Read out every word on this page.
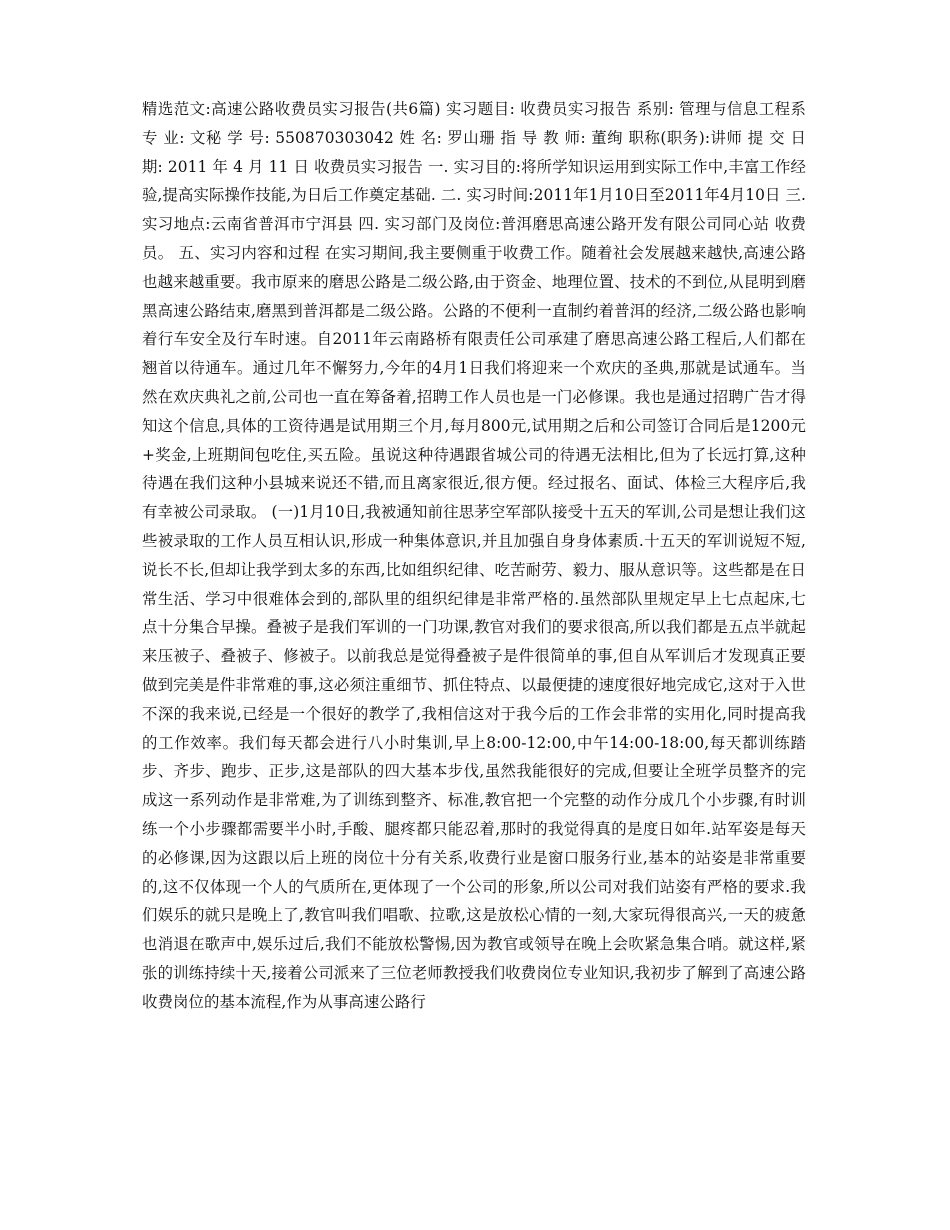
精选范文:高速公路收费员实习报告(共6篇) 实习题目: 收费员实习报告 系别: 管理与信息工程系 专 业: 文秘 学 号: 550870303042 姓 名: 罗山珊 指 导 教 师: 董绚 职称(职务):讲师 提 交 日 期: 2011 年 4 月 11 日 收费员实习报告 一. 实习目的:将所学知识运用到实际工作中,丰富工作经验,提高实际操作技能,为日后工作奠定基础. 二. 实习时间:2011年1月10日至2011年4月10日 三. 实习地点:云南省普洱市宁洱县 四. 实习部门及岗位:普洱磨思高速公路开发有限公司同心站 收费员。 五、实习内容和过程 在实习期间,我主要侧重于收费工作。随着社会发展越来越快,高速公路也越来越重要。我市原来的磨思公路是二级公路,由于资金、地理位置、技术的不到位,从昆明到磨黑高速公路结束,磨黑到普洱都是二级公路。公路的不便利一直制约着普洱的经济,二级公路也影响着行车安全及行车时速。自2011年云南路桥有限责任公司承建了磨思高速公路工程后,人们都在翘首以待通车。通过几年不懈努力,今年的4月1日我们将迎来一个欢庆的圣典,那就是试通车。当然在欢庆典礼之前,公司也一直在筹备着,招聘工作人员也是一门必修课。我也是通过招聘广告才得知这个信息,具体的工资待遇是试用期三个月,每月800元,试用期之后和公司签订合同后是1200元+奖金,上班期间包吃住,买五险。虽说这种待遇跟省城公司的待遇无法相比,但为了长远打算,这种待遇在我们这种小县城来说还不错,而且离家很近,很方便。经过报名、面试、体检三大程序后,我有幸被公司录取。 (一)1月10日,我被通知前往思茅空军部队接受十五天的军训,公司是想让我们这些被录取的工作人员互相认识,形成一种集体意识,并且加强自身身体素质.十五天的军训说短不短,说长不长,但却让我学到太多的东西,比如组织纪律、吃苦耐劳、毅力、服从意识等。这些都是在日常生活、学习中很难体会到的,部队里的组织纪律是非常严格的.虽然部队里规定早上七点起床,七点十分集合早操。叠被子是我们军训的一门功课,教官对我们的要求很高,所以我们都是五点半就起来压被子、叠被子、修被子。以前我总是觉得叠被子是件很简单的事,但自从军训后才发现真正要做到完美是件非常难的事,这必须注重细节、抓住特点、以最便捷的速度很好地完成它,这对于入世不深的我来说,已经是一个很好的教学了,我相信这对于我今后的工作会非常的实用化,同时提高我的工作效率。我们每天都会进行八小时集训,早上8:00-12:00,中午14:00-18:00,每天都训练踏步、齐步、跑步、正步,这是部队的四大基本步伐,虽然我能很好的完成,但要让全班学员整齐的完成这一系列动作是非常难,为了训练到整齐、标准,教官把一个完整的动作分成几个小步骤,有时训练一个小步骤都需要半小时,手酸、腿疼都只能忍着,那时的我觉得真的是度日如年.站军姿是每天的必修课,因为这跟以后上班的岗位十分有关系,收费行业是窗口服务行业,基本的站姿是非常重要的,这不仅体现一个人的气质所在,更体现了一个公司的形象,所以公司对我们站姿有严格的要求.我们娱乐的就只是晚上了,教官叫我们唱歌、拉歌,这是放松心情的一刻,大家玩得很高兴,一天的疲惫也消退在歌声中,娱乐过后,我们不能放松警惕,因为教官或领导在晚上会吹紧急集合哨。就这样,紧张的训练持续十天,接着公司派来了三位老师教授我们收费岗位专业知识,我初步了解到了高速公路收费岗位的基本流程,作为从事高速公路行
